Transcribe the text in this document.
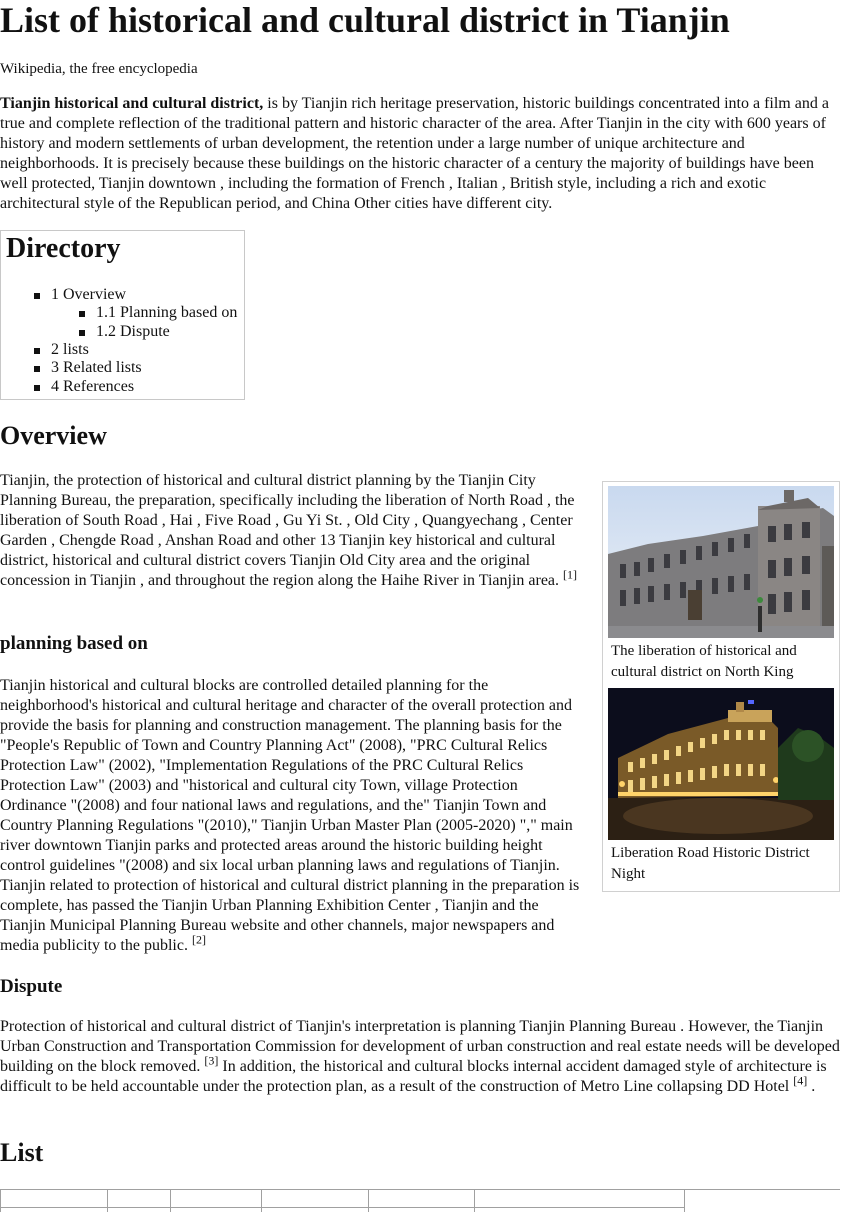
List of historical and cultural district in Tianjin
Wikipedia, the free encyclopedia

Tianjin historical and cultural district, is by Tianjin rich heritage preservation, historic buildings concentrated into a film and a true and complete reflection of the traditional pattern and historic character of the area. After Tianjin in the city with 600 years of history and modern settlements of urban development, the retention under a large number of unique architecture and neighborhoods. It is precisely because these buildings on the historic character of a century the majority of buildings have been well protected, Tianjin downtown , including the formation of French , Italian , British style, including a rich and exotic architectural style of the Republican period, and China Other cities have different city.

Directory
1 Overview
1.1 Planning based on
1.2 Dispute
2 lists
3 Related lists
4 References
Overview

Tianjin, the protection of historical and cultural district planning by the Tianjin City Planning Bureau, the preparation, specifically including the liberation of North Road , the liberation of South Road , Hai , Five Road , Gu Yi St. , Old City , Quangyechang , Center Garden , Chengde Road , Anshan Road and other 13 Tianjin key historical and cultural district, historical and cultural district covers Tianjin Old City area and the original concession in Tianjin , and throughout the region along the Haihe River in Tianjin area. [1]

planning based on

Tianjin historical and cultural blocks are controlled detailed planning for the neighborhood's historical and cultural heritage and character of the overall protection and provide the basis for planning and construction management. The planning basis for the "People's Republic of Town and Country Planning Act" (2008), "PRC Cultural Relics Protection Law" (2002), "Implementation Regulations of the PRC Cultural Relics Protection Law" (2003) and "historical and cultural city Town, village Protection Ordinance "(2008) and four national laws and regulations, and the" Tianjin Town and Country Planning Regulations "(2010)," Tianjin Urban Master Plan (2005-2020) "," main river downtown Tianjin parks and protected areas around the historic building height control guidelines "(2008) and six local urban planning laws and regulations of Tianjin. Tianjin related to protection of historical and cultural district planning in the preparation is complete, has passed the Tianjin Urban Planning Exhibition Center , Tianjin and the Tianjin Municipal Planning Bureau website and other channels, major newspapers and media publicity to the public. [2]

Dispute

Protection of historical and cultural district of Tianjin's interpretation is planning Tianjin Planning Bureau . However, the Tianjin Urban Construction and Transportation Commission for development of urban construction and real estate needs will be developed building on the block removed. [3] In addition, the historical and cultural blocks internal accident damaged style of architecture is difficult to be held accountable under the protection plan, as a result of the construction of Metro Line collapsing DD Hotel [4] .

List
The liberation of historical and cultural district on North King
Liberation Road Historic District Night
